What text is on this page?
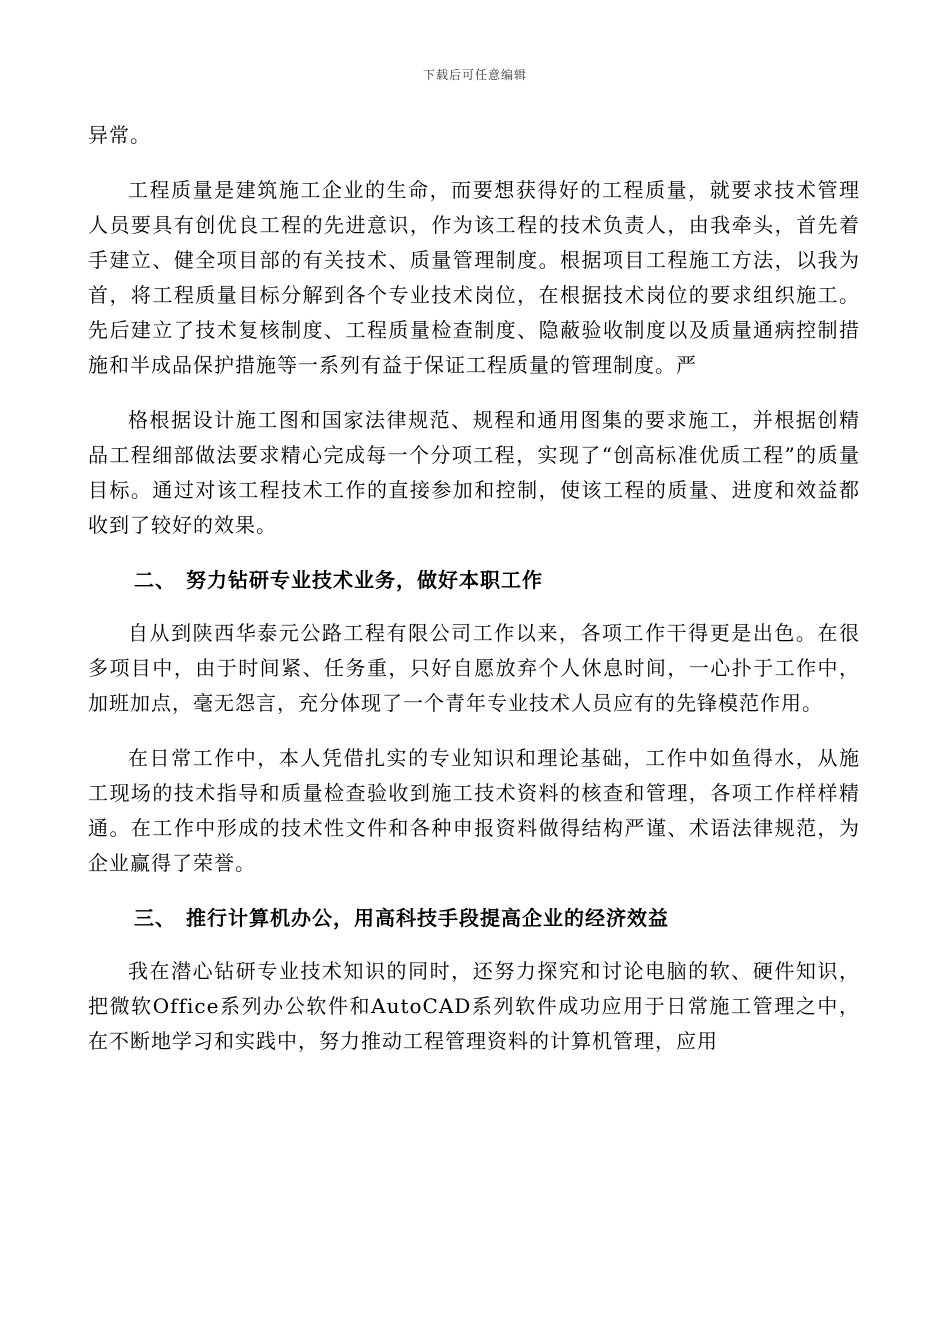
下载后可任意编辑

异常。

工程质量是建筑施工企业的生命，而要想获得好的工程质量，就要求技术管理人员要具有创优良工程的先进意识，作为该工程的技术负责人，由我牵头，首先着手建立、健全项目部的有关技术、质量管理制度。根据项目工程施工方法，以我为首，将工程质量目标分解到各个专业技术岗位，在根据技术岗位的要求组织施工。先后建立了技术复核制度、工程质量检查制度、隐蔽验收制度以及质量通病控制措施和半成品保护措施等一系列有益于保证工程质量的管理制度。严

格根据设计施工图和国家法律规范、规程和通用图集的要求施工，并根据创精品工程细部做法要求精心完成每一个分项工程，实现了“创高标准优质工程”的质量目标。通过对该工程技术工作的直接参加和控制，使该工程的质量、进度和效益都收到了较好的效果。

二、 努力钻研专业技术业务，做好本职工作

自从到陕西华泰元公路工程有限公司工作以来，各项工作干得更是出色。在很多项目中，由于时间紧、任务重，只好自愿放弃个人休息时间，一心扑于工作中，加班加点，毫无怨言，充分体现了一个青年专业技术人员应有的先锋模范作用。

在日常工作中，本人凭借扎实的专业知识和理论基础，工作中如鱼得水，从施工现场的技术指导和质量检查验收到施工技术资料的核查和管理，各项工作样样精通。在工作中形成的技术性文件和各种申报资料做得结构严谨、术语法律规范，为企业赢得了荣誉。

三、 推行计算机办公，用高科技手段提高企业的经济效益

我在潜心钻研专业技术知识的同时，还努力探究和讨论电脑的软、硬件知识，把微软Office系列办公软件和AutoCAD系列软件成功应用于日常施工管理之中，在不断地学习和实践中，努力推动工程管理资料的计算机管理，应用
